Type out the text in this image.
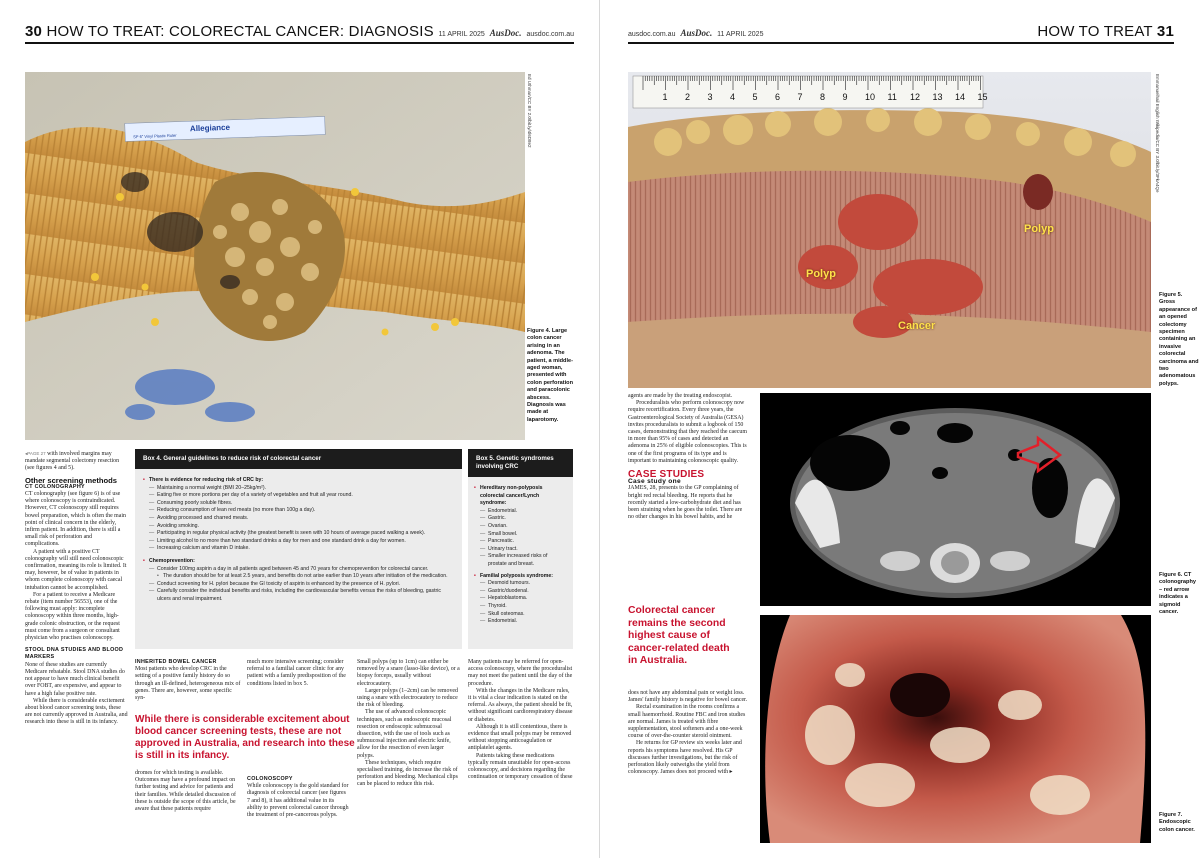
30 HOW TO TREAT: COLORECTAL CANCER: DIAGNOSIS 11 APRIL 2025 AusDoc. ausdoc.com.au
Allegiance
SP 6" Vinyl Plastic Ruler	Ed Uthman/CC BY 2.0/bit.ly/4l6D8e2
Figure 4. Large colon cancer arising in an adenoma. The patient, a middle-aged woman, presented with colon perforation and paracolonic abscess. Diagnosis was made at laparotomy.

◂PAGE 27 with involved margins may mandate segmental colectomy resection (see figures 4 and 5).

Other screening methods
CT COLONOGRAPHY

CT colonography (see figure 6) is of use where colonoscopy is contraindicated. However, CT colonoscopy still requires bowel preparation, which is often the main point of clinical concern in the elderly, infirm patient. In addition, there is still a small risk of perforation and complications.

A patient with a positive CT colonography will still need colonoscopic confirmation, meaning its role is limited. It may, however, be of value in patients in whom complete colonoscopy with caecal intubation cannot be accomplished.

For a patient to receive a Medicare rebate (item number 56553), one of the following must apply: incomplete colonoscopy within three months, high-grade colonic obstruction, or the request must come from a surgeon or consultant physician who practises colonoscopy.

STOOL DNA STUDIES AND BLOOD MARKERS

None of these studies are currently Medicare rebatable. Stool DNA studies do not appear to have much clinical benefit over FOBT, are expensive, and appear to have a high false positive rate.

While there is considerable excitement about blood cancer screening tests, these are not currently approved in Australia, and research into these is still in its infancy.

Box 4. General guidelines to reduce risk of colorectal cancer
• There is evidence for reducing risk of CRC by:
— Maintaining a normal weight (BMI 20–25kg/m²).
— Eating five or more portions per day of a variety of vegetables and fruit all year round.
— Consuming poorly soluble fibres.
— Reducing consumption of lean red meats (no more than 100g a day).
— Avoiding processed and charred meats.
— Avoiding smoking.
— Participating in regular physical activity (the greatest benefit is seen with 10 hours of average paced walking a week).
— Limiting alcohol to no more than two standard drinks a day for men and one standard drink a day for women.
— Increasing calcium and vitamin D intake.
• Chemoprevention:
— Consider 100mg aspirin a day in all patients aged between 45 and 70 years for chemoprevention for colorectal cancer.
• The duration should be for at least 2.5 years, and benefits do not arise earlier than 10 years after initiation of the medication.
— Conduct screening for H. pylori because the GI toxicity of aspirin is enhanced by the presence of H. pylori.
— Carefully consider the individual benefits and risks, including the cardiovascular benefits versus the risks of bleeding, gastric ulcers and renal impairment.
Box 5. Genetic syndromes involving CRC
• Hereditary non-polyposis colorectal cancer/Lynch syndrome:
— Endometrial.
— Gastric.
— Ovarian.
— Small bowel.
— Pancreatic.
— Urinary tract.
— Smaller increased risks of prostate and breast.
• Familial polyposis syndrome:
— Desmoid tumours.
— Gastric/duodenal.
— Hepatoblastoma.
— Thyroid.
— Skull osteomas.
— Endometrial.
INHERITED BOWEL CANCER

Most patients who develop CRC in the setting of a positive family history do so through an ill-defined, heterogeneous mix of genes. There are, however, some specific syn-

dromes for which testing is available. Outcomes may have a profound impact on further testing and advice for patients and their families. While detailed discussion of these is outside the scope of this article, be aware that these patients require

much more intensive screening; consider referral to a familial cancer clinic for any patient with a family predisposition of the conditions listed in box 5.

COLONOSCOPY

While colonoscopy is the gold standard for diagnosis of colorectal cancer (see figures 7 and 8), it has additional value in its ability to prevent colorectal cancer through the treatment of pre-cancerous polyps.

While there is considerable excitement about blood cancer screening tests, these are not approved in Australia, and research into these is still in its infancy.

Small polyps (up to 1cm) can either be removed by a snare (lasso-like device), or a biopsy forceps, usually without electrocautery.

Larger polyps (1–2cm) can be removed using a snare with electrocautery to reduce the risk of bleeding.

The use of advanced colonoscopic techniques, such as endoscopic mucosal resection or endoscopic submucosal dissection, with the use of tools such as submucosal injection and electric knife, allow for the resection of even larger polyps.

These techniques, which require specialised training, do increase the risk of perforation and bleeding. Mechanical clips can be placed to reduce this risk.

Many patients may be referred for open-access colonoscopy, where the proceduralist may not meet the patient until the day of the procedure.

With the changes in the Medicare rules, it is vital a clear indication is stated on the referral. As always, the patient should be fit, without significant cardiorespiratory disease or diabetes.

Although it is still contentious, there is evidence that small polyps may be removed without stopping anticoagulation or antiplatelet agents.

Patients taking these medications typically remain unsuitable for open-access colonoscopy, and decisions regarding the continuation or temporary cessation of these

ausdoc.com.au AusDoc. 11 APRIL 2025	HOW TO TREAT 31
1 2 3 4 5 6 7 8 9 10 11 12 13 14 15
Polyp
Polyp
Cancer
Emmanuelhail English Wikipedia/CC BY 3.0/bit.ly/3FkA4Qe
Figure 5. Gross appearance of an opened colectomy specimen containing an invasive colorectal carcinoma and two adenomatous polyps.

agents are made by the treating endoscopist.

Proceduralists who perform colonoscopy now require recertification. Every three years, the Gastroenterological Society of Australia (GESA) invites proceduralists to submit a logbook of 150 cases, demonstrating that they reached the caecum in more than 95% of cases and detected an adenoma in 25% of eligible colonoscopies. This is one of the first programs of its type and is important to maintaining colonoscopic quality.

CASE STUDIES
Case study one

JAMES, 28, presents to the GP complaining of bright red rectal bleeding. He reports that he recently started a low-carbohydrate diet and has been straining when he goes the toilet. There are no other changes in his bowel habits, and he

Colorectal cancer remains the second highest cause of cancer-related death in Australia.

does not have any abdominal pain or weight loss. James' family history is negative for bowel cancer.

Rectal examination in the rooms confirms a small haemorrhoid. Routine FBC and iron studies are normal. James is treated with fibre supplementation, stool softeners and a one-week course of over-the-counter steroid ointment.

He returns for GP review six weeks later and reports his symptoms have resolved. His GP discusses further investigations, but the risk of perforation likely outweighs the yield from colonoscopy. James does not proceed with ▸

Figure 6. CT colonography – red arrow indicates a sigmoid cancer.
Figure 7. Endoscopic colon cancer.
